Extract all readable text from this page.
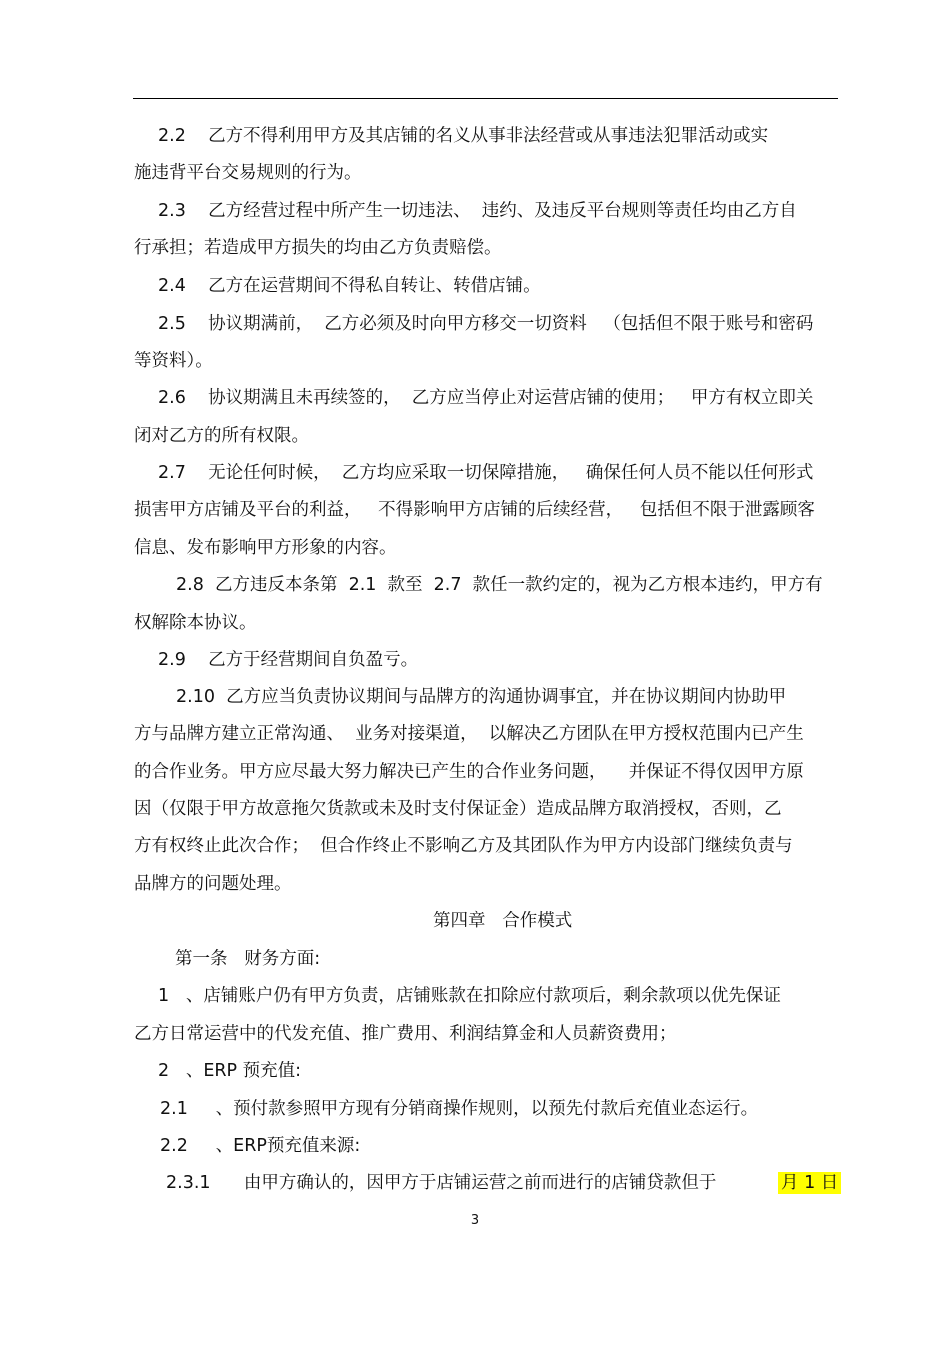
2.2    乙方不得利用甲方及其店铺的名义从事非法经营或从事违法犯罪活动或实
施违背平台交易规则的行为。
2.3    乙方经营过程中所产生一切违法、  违约、及违反平台规则等责任均由乙方自
行承担；若造成甲方损失的均由乙方负责赔偿。
2.4    乙方在运营期间不得私自转让、转借店铺。
2.5    协议期满前，  乙方必须及时向甲方移交一切资料   （包括但不限于账号和密码
等资料）。
2.6    协议期满且未再续签的，  乙方应当停止对运营店铺的使用；   甲方有权立即关
闭对乙方的所有权限。
2.7    无论任何时候，  乙方均应采取一切保障措施，   确保任何人员不能以任何形式
损害甲方店铺及平台的利益，   不得影响甲方店铺的后续经营，   包括但不限于泄露顾客
信息、发布影响甲方形象的内容。
2.8  乙方违反本条第  2.1  款至  2.7  款任一款约定的，视为乙方根本违约，甲方有
权解除本协议。
2.9    乙方于经营期间自负盈亏。
2.10  乙方应当负责协议期间与品牌方的沟通协调事宜，并在协议期间内协助甲
方与品牌方建立正常沟通、  业务对接渠道，  以解决乙方团队在甲方授权范围内已产生
的合作业务。甲方应尽最大努力解决已产生的合作业务问题，    并保证不得仅因甲方原
因（仅限于甲方故意拖欠货款或未及时支付保证金）造成品牌方取消授权，否则，乙
方有权终止此次合作；  但合作终止不影响乙方及其团队作为甲方内设部门继续负责与
品牌方的问题处理。
第四章   合作模式
第一条   财务方面:
1   、店铺账户仍有甲方负责，店铺账款在扣除应付款项后，剩余款项以优先保证
乙方日常运营中的代发充值、推广费用、利润结算金和人员薪资费用；
2   、ERP 预充值:
2.1     、预付款参照甲方现有分销商操作规则，以预先付款后充值业态运行。
2.2     、ERP预充值来源:
2.3.1      由甲方确认的，因甲方于店铺运营之前而进行的店铺贷款但于	月 1 日
3
